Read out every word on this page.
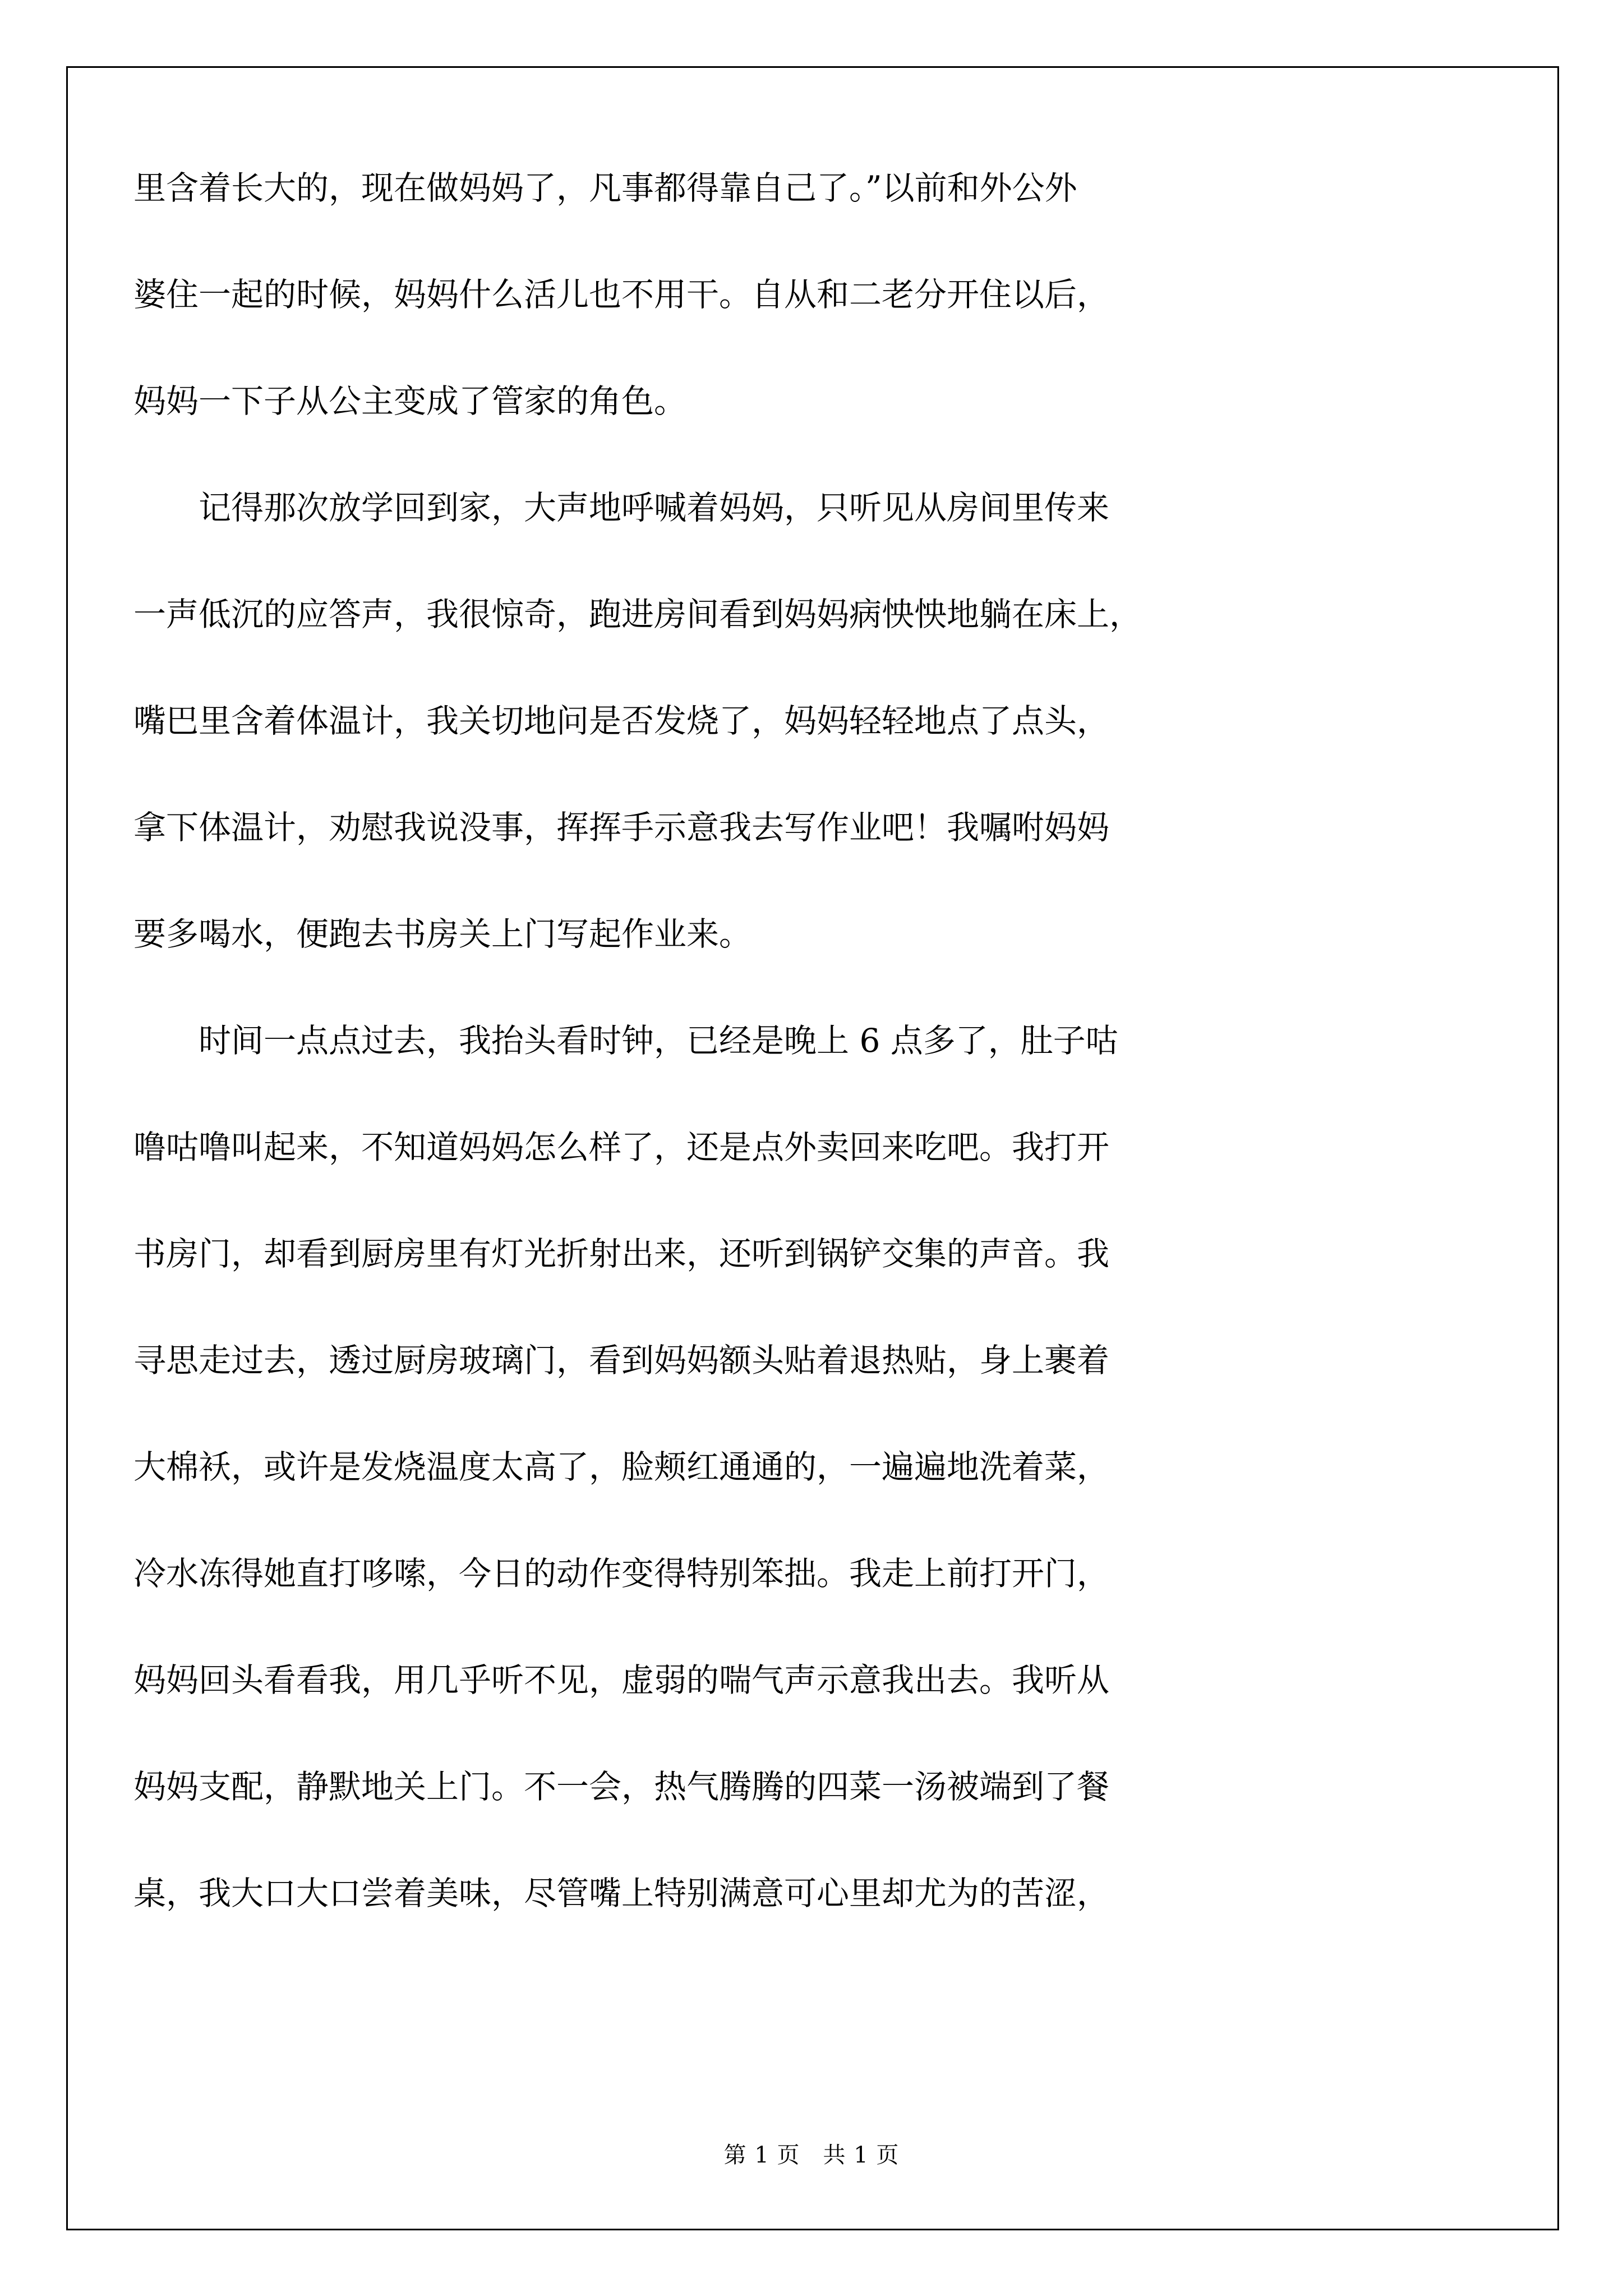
里含着长大的，现在做妈妈了，凡事都得靠自己了。”以前和外公外

婆住一起的时候，妈妈什么活儿也不用干。自从和二老分开住以后，

妈妈一下子从公主变成了管家的角色。

　　记得那次放学回到家，大声地呼喊着妈妈，只听见从房间里传来

一声低沉的应答声，我很惊奇，跑进房间看到妈妈病怏怏地躺在床上，

嘴巴里含着体温计，我关切地问是否发烧了，妈妈轻轻地点了点头，

拿下体温计，劝慰我说没事，挥挥手示意我去写作业吧！我嘱咐妈妈

要多喝水，便跑去书房关上门写起作业来。

　　时间一点点过去，我抬头看时钟，已经是晚上 6 点多了，肚子咕

噜咕噜叫起来，不知道妈妈怎么样了，还是点外卖回来吃吧。我打开

书房门，却看到厨房里有灯光折射出来，还听到锅铲交集的声音。我

寻思走过去，透过厨房玻璃门，看到妈妈额头贴着退热贴，身上裹着

大棉袄，或许是发烧温度太高了，脸颊红通通的，一遍遍地洗着菜，

冷水冻得她直打哆嗦，今日的动作变得特别笨拙。我走上前打开门，

妈妈回头看看我，用几乎听不见，虚弱的喘气声示意我出去。我听从

妈妈支配，静默地关上门。不一会，热气腾腾的四菜一汤被端到了餐

桌，我大口大口尝着美味，尽管嘴上特别满意可心里却尤为的苦涩，

第 1 页　共 1 页
